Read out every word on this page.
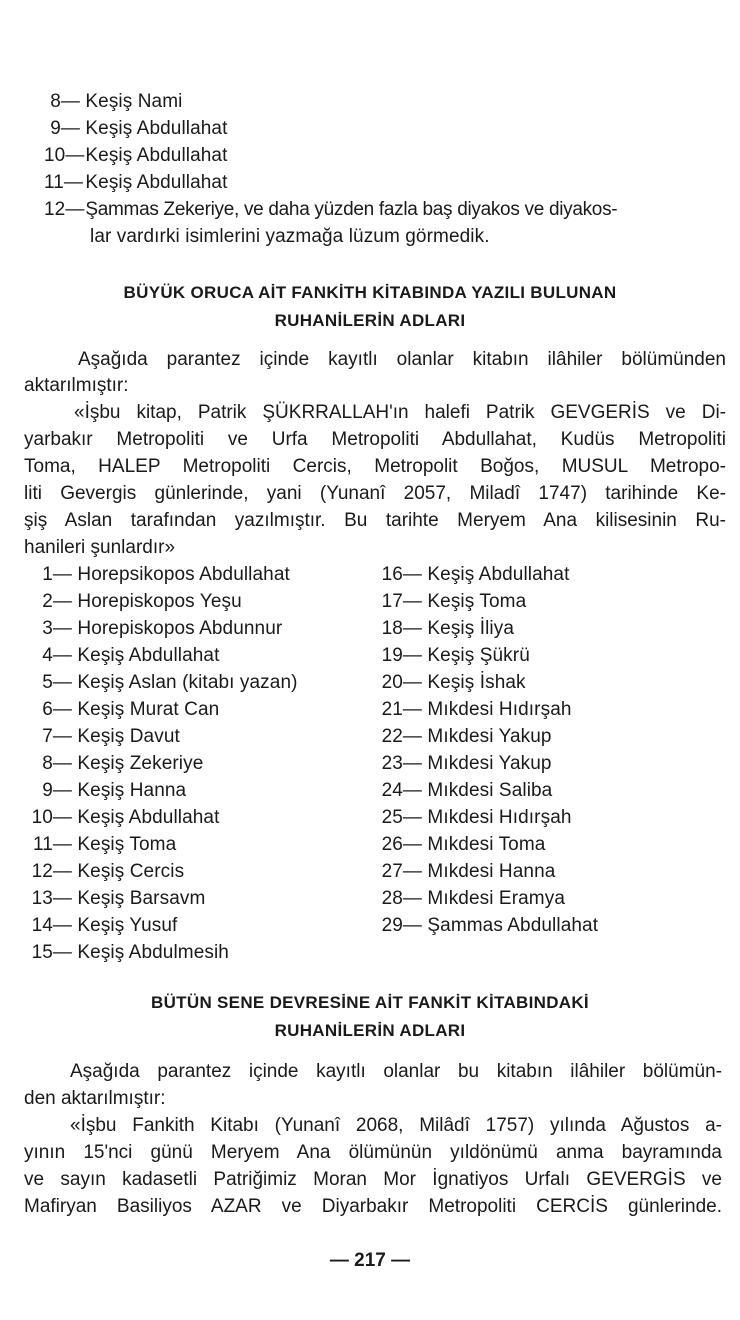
8— Keşiş Nami
9— Keşiş Abdullahat
10— Keşiş Abdullahat
11— Keşiş Abdullahat
12— Şammas Zekeriye, ve daha yüzden fazla baş diyakos ve diyakos-
lar vardırki isimlerini yazmağa lüzum görmedik.
BÜYÜK ORUCA AİT FANKİTH KİTABINDA YAZILI BULUNAN
RUHANİLERİN ADLARI
Aşağıda parantez içinde kayıtlı olanlar kitabın ilâhiler bölümünden
aktarılmıştır:
«İşbu kitap, Patrik ŞÜKRRALLAH'ın halefi Patrik GEVGERİS ve Di-
yarbakır Metropoliti ve Urfa Metropoliti Abdullahat, Kudüs Metropoliti
Toma, HALEP Metropoliti Cercis, Metropolit Boğos, MUSUL Metropo-
liti Gevergis günlerinde, yani (Yunanî 2057, Miladî 1747) tarihinde Ke-
şiş Aslan tarafından yazılmıştır. Bu tarihte Meryem Ana kilisesinin Ru-
hanileri şunlardır»
1— Horepsikopos Abdullahat
2— Horepiskopos Yeşu
3— Horepiskopos Abdunnur
4— Keşiş Abdullahat
5— Keşiş Aslan (kitabı yazan)
6— Keşiş Murat Can
7— Keşiş Davut
8— Keşiş Zekeriye
9— Keşiş Hanna
10— Keşiş Abdullahat
11— Keşiş Toma
12— Keşiş Cercis
13— Keşiş Barsavm
14— Keşiş Yusuf
15— Keşiş Abdulmesih
16— Keşiş Abdullahat
17— Keşiş Toma
18— Keşiş İliya
19— Keşiş Şükrü
20— Keşiş İshak
21— Mıkdesi Hıdırşah
22— Mıkdesi Yakup
23— Mıkdesi Yakup
24— Mıkdesi Saliba
25— Mıkdesi Hıdırşah
26— Mıkdesi Toma
27— Mıkdesi Hanna
28— Mıkdesi Eramya
29— Şammas Abdullahat
BÜTÜN SENE DEVRESİNE AİT FANKİT KİTABINDAKİ
RUHANİLERİN ADLARI
Aşağıda parantez içinde kayıtlı olanlar bu kitabın ilâhiler bölümün-
den aktarılmıştır:
«İşbu Fankith Kitabı (Yunanî 2068, Milâdî 1757) yılında Ağustos a-
yının 15'nci günü Meryem Ana ölümünün yıldönümü anma bayramında
ve sayın kadasetli Patriğimiz Moran Mor İgnatiyos Urfalı GEVERGİS ve
Mafiryan Basiliyos AZAR ve Diyarbakır Metropoliti CERCİS günlerinde.
— 217 —
